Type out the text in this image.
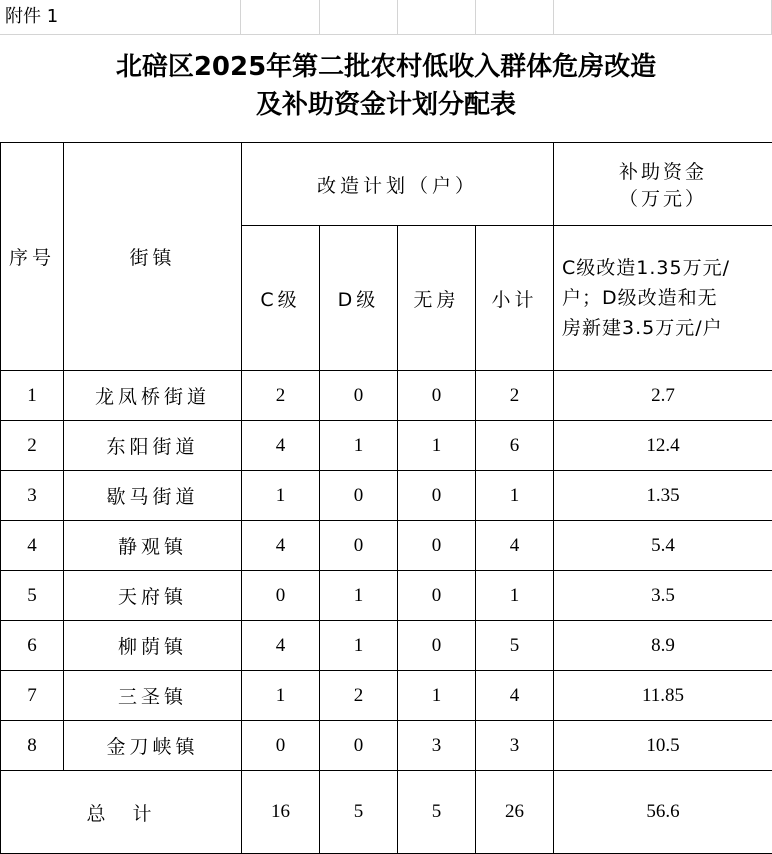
附件 1
北碚区2025年第二批农村低收入群体危房改造
及补助资金计划分配表
序号	街镇	改造计划（户）				补助资金
（万元）

		C级	D级	无房	小计	C级改造1.35万元/
户；D级改造和无
房新建3.5万元/户

1	龙凤桥街道	2	0	0	2	2.7
2	东阳街道	4	1	1	6	12.4
3	歇马街道	1	0	0	1	1.35
4	静观镇	4	0	0	4	5.4
5	天府镇	0	1	0	1	3.5
6	柳荫镇	4	1	0	5	8.9
7	三圣镇	1	2	1	4	11.85
8	金刀峡镇	0	0	3	3	10.5
总　计		16	5	5	26	56.6
